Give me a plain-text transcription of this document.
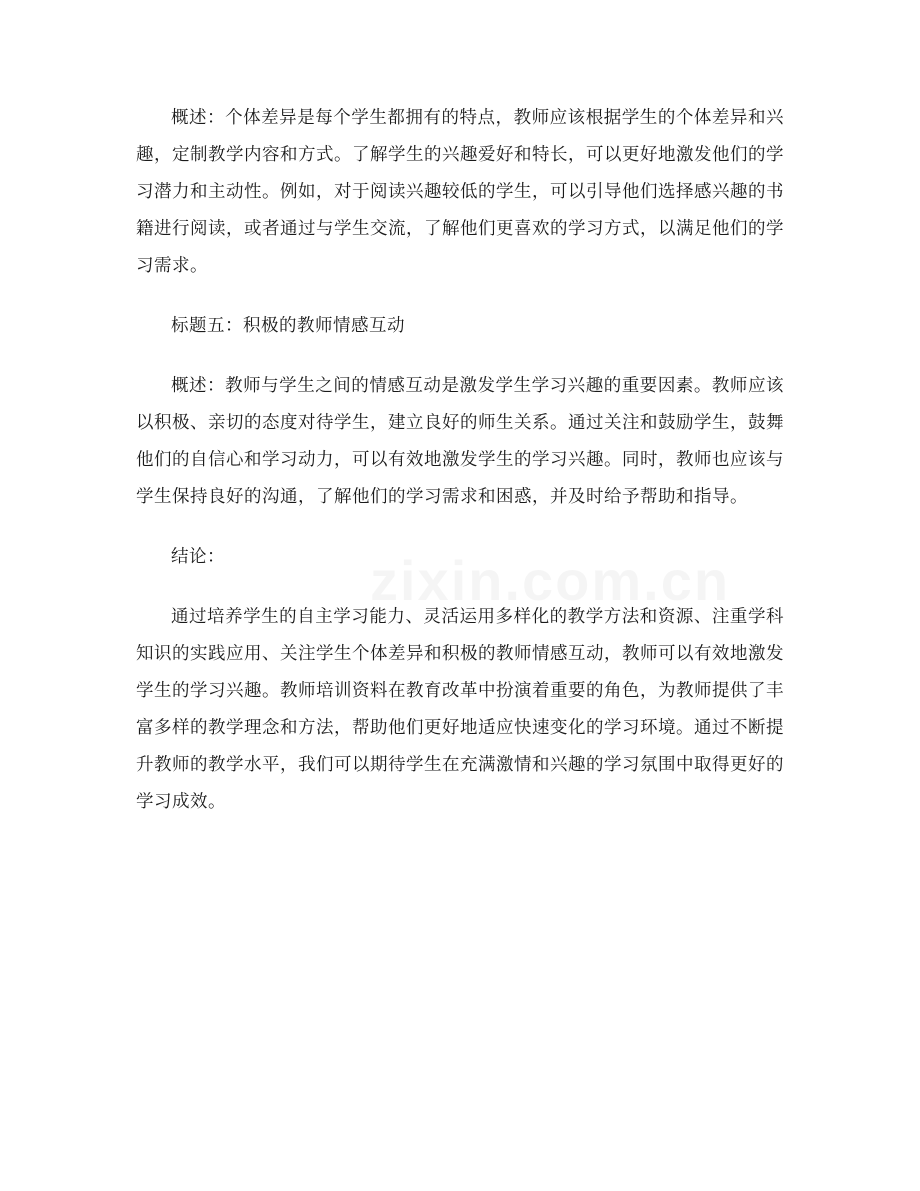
概述：个体差异是每个学生都拥有的特点，教师应该根据学生的个体差异和兴趣，定制教学内容和方式。了解学生的兴趣爱好和特长，可以更好地激发他们的学习潜力和主动性。例如，对于阅读兴趣较低的学生，可以引导他们选择感兴趣的书籍进行阅读，或者通过与学生交流，了解他们更喜欢的学习方式，以满足他们的学习需求。

标题五：积极的教师情感互动

概述：教师与学生之间的情感互动是激发学生学习兴趣的重要因素。教师应该以积极、亲切的态度对待学生，建立良好的师生关系。通过关注和鼓励学生，鼓舞他们的自信心和学习动力，可以有效地激发学生的学习兴趣。同时，教师也应该与学生保持良好的沟通，了解他们的学习需求和困惑，并及时给予帮助和指导。

结论：

通过培养学生的自主学习能力、灵活运用多样化的教学方法和资源、注重学科知识的实践应用、关注学生个体差异和积极的教师情感互动，教师可以有效地激发学生的学习兴趣。教师培训资料在教育改革中扮演着重要的角色，为教师提供了丰富多样的教学理念和方法，帮助他们更好地适应快速变化的学习环境。通过不断提升教师的教学水平，我们可以期待学生在充满激情和兴趣的学习氛围中取得更好的学习成效。
